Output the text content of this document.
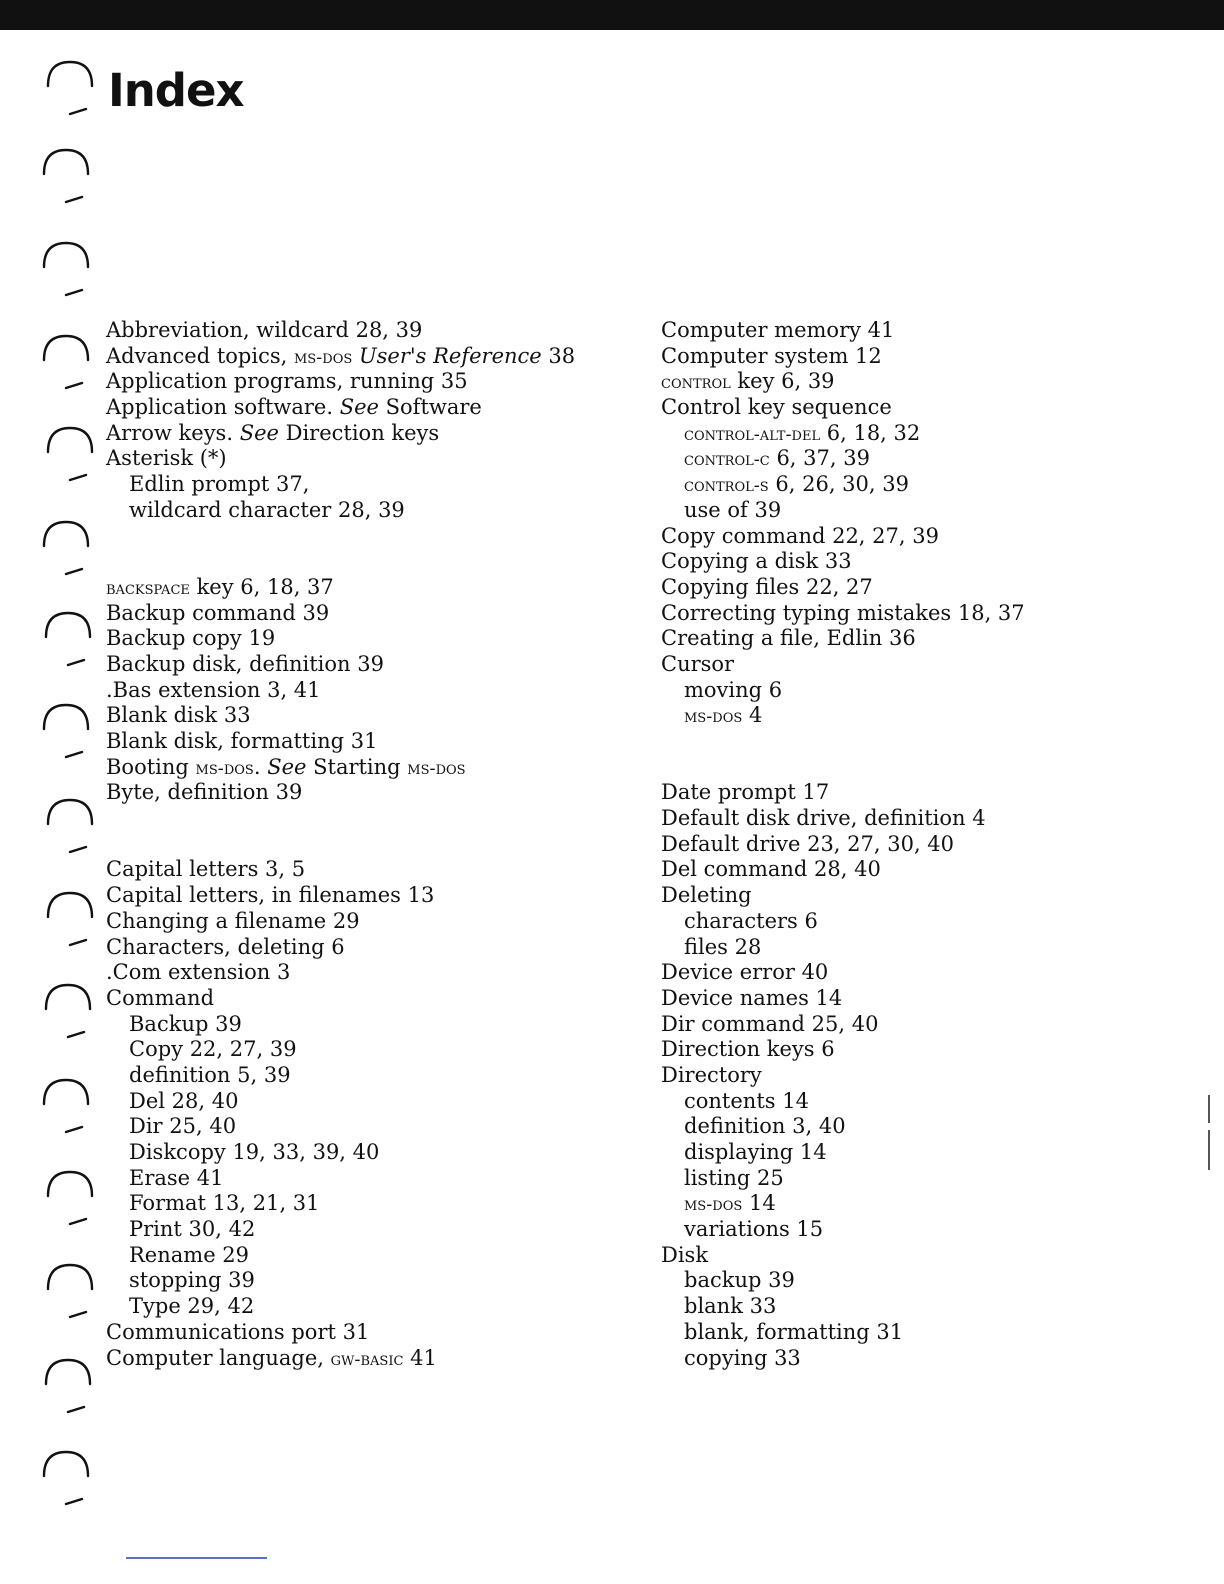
Index
Abbreviation, wildcard 28, 39
Advanced topics, ms-dos User's Reference 38
Application programs, running 35
Application software. See Software
Arrow keys. See Direction keys
Asterisk (*)
Edlin prompt 37,
wildcard character 28, 39
backspace key 6, 18, 37
Backup command 39
Backup copy 19
Backup disk, definition 39
.Bas extension 3, 41
Blank disk 33
Blank disk, formatting 31
Booting ms-dos. See Starting ms-dos
Byte, definition 39
Capital letters 3, 5
Capital letters, in filenames 13
Changing a filename 29
Characters, deleting 6
.Com extension 3
Command
Backup 39
Copy 22, 27, 39
definition 5, 39
Del 28, 40
Dir 25, 40
Diskcopy 19, 33, 39, 40
Erase 41
Format 13, 21, 31
Print 30, 42
Rename 29
stopping 39
Type 29, 42
Communications port 31
Computer language, gw-basic 41
Computer memory 41
Computer system 12
control key 6, 39
Control key sequence
control-alt-del 6, 18, 32
control-c 6, 37, 39
control-s 6, 26, 30, 39
use of 39
Copy command 22, 27, 39
Copying a disk 33
Copying files 22, 27
Correcting typing mistakes 18, 37
Creating a file, Edlin 36
Cursor
moving 6
ms-dos 4
Date prompt 17
Default disk drive, definition 4
Default drive 23, 27, 30, 40
Del command 28, 40
Deleting
characters 6
files 28
Device error 40
Device names 14
Dir command 25, 40
Direction keys 6
Directory
contents 14
definition 3, 40
displaying 14
listing 25
ms-dos 14
variations 15
Disk
backup 39
blank 33
blank, formatting 31
copying 33
